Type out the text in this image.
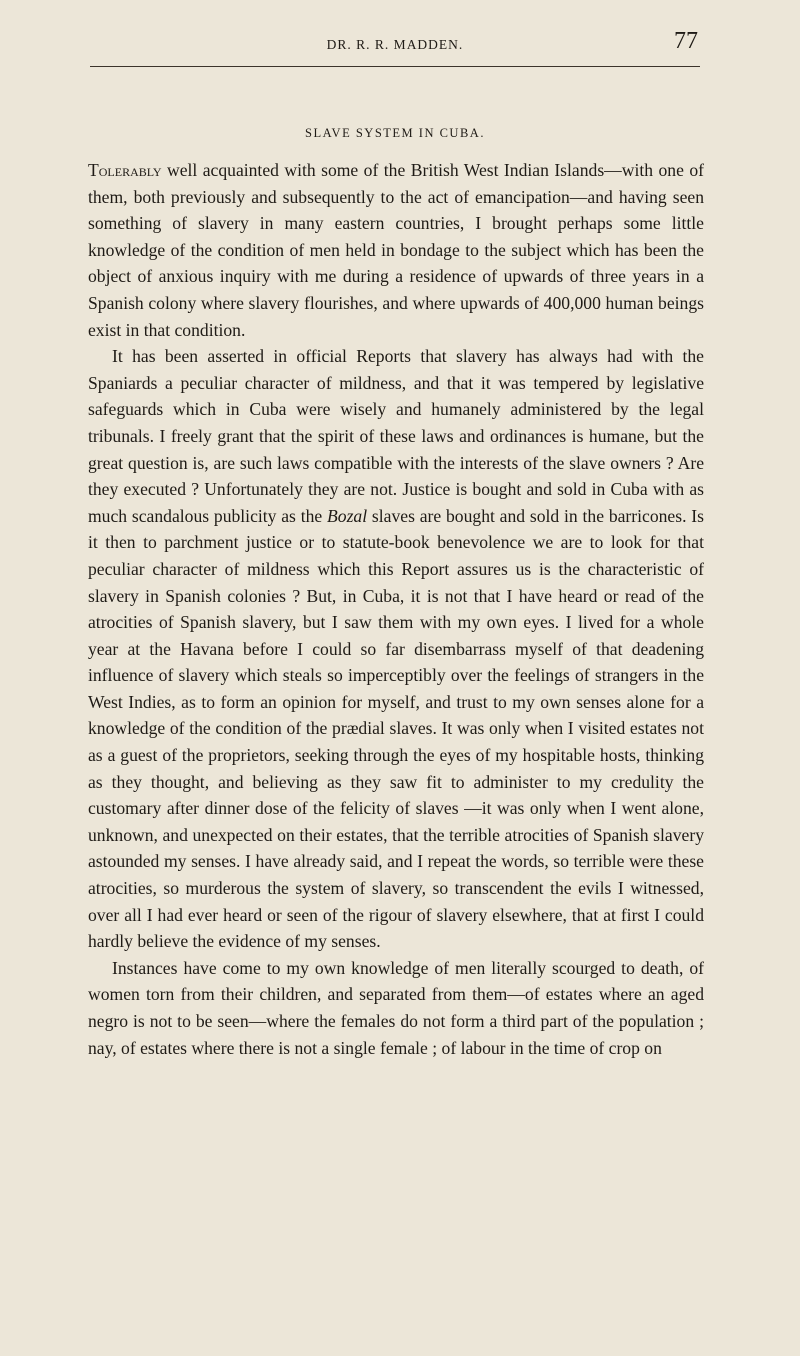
DR. R. R. MADDEN.	77
SLAVE SYSTEM IN CUBA.

Tolerably well acquainted with some of the British West Indian Islands—with one of them, both previously and subsequently to the act of emancipation—and having seen something of slavery in many eastern countries, I brought perhaps some little knowledge of the condition of men held in bondage to the subject which has been the object of anxious inquiry with me during a residence of upwards of three years in a Spanish colony where slavery flourishes, and where upwards of 400,000 human beings exist in that condition.

It has been asserted in official Reports that slavery has always had with the Spaniards a peculiar character of mildness, and that it was tempered by legislative safeguards which in Cuba were wisely and humanely administered by the legal tribunals. I freely grant that the spirit of these laws and ordinances is humane, but the great question is, are such laws compatible with the interests of the slave owners ? Are they executed ? Unfortunately they are not. Justice is bought and sold in Cuba with as much scandalous publicity as the Bozal slaves are bought and sold in the barricones. Is it then to parchment justice or to statute-book benevolence we are to look for that peculiar character of mildness which this Report assures us is the characteristic of slavery in Spanish colonies ? But, in Cuba, it is not that I have heard or read of the atrocities of Spanish slavery, but I saw them with my own eyes. I lived for a whole year at the Havana before I could so far disembarrass myself of that deadening influence of slavery which steals so imperceptibly over the feelings of strangers in the West Indies, as to form an opinion for myself, and trust to my own senses alone for a knowledge of the condition of the prædial slaves. It was only when I visited estates not as a guest of the proprietors, seeking through the eyes of my hospitable hosts, thinking as they thought, and believing as they saw fit to administer to my credulity the customary after dinner dose of the felicity of slaves —it was only when I went alone, unknown, and unexpected on their estates, that the terrible atrocities of Spanish slavery astounded my senses. I have already said, and I repeat the words, so terrible were these atrocities, so murderous the system of slavery, so transcendent the evils I witnessed, over all I had ever heard or seen of the rigour of slavery elsewhere, that at first I could hardly believe the evidence of my senses.

Instances have come to my own knowledge of men literally scourged to death, of women torn from their children, and separated from them—of estates where an aged negro is not to be seen—where the females do not form a third part of the population ; nay, of estates where there is not a single female ; of labour in the time of crop on
